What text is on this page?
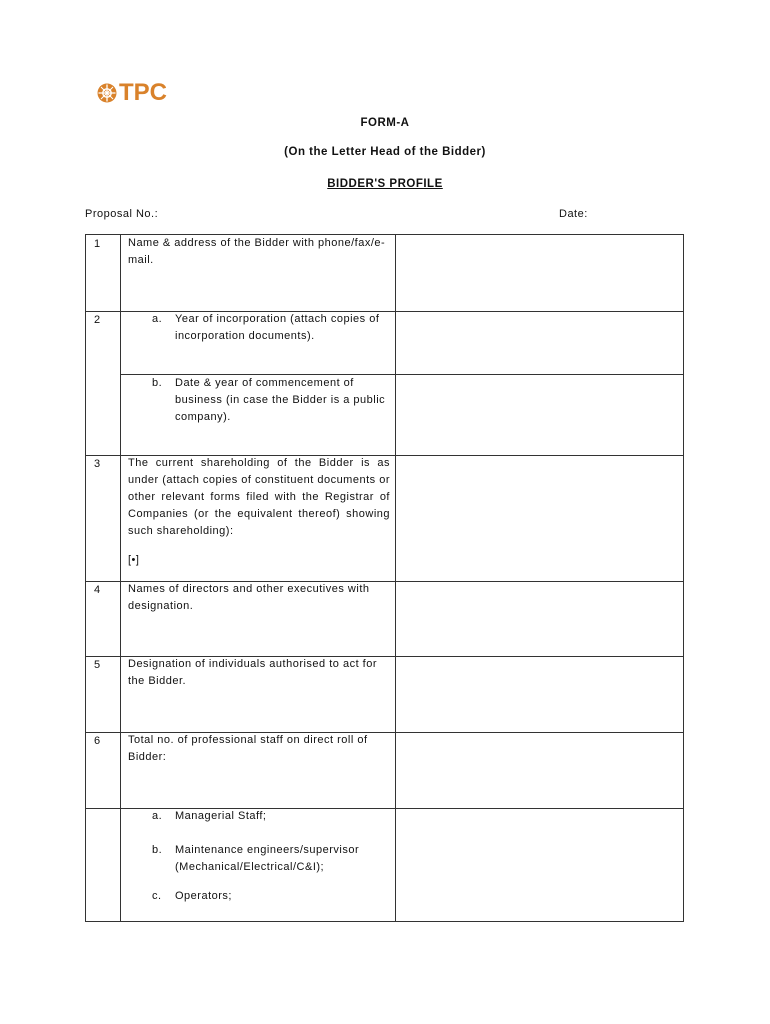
TPC
FORM-A
(On the Letter Head of the Bidder)
BIDDER'S PROFILE
Proposal No.:	Date:
1 Name & address of the Bidder with phone/fax/e-mail.
2	a. Year of incorporation (attach copies of incorporation documents).
b. Date & year of commencement of business (in case the Bidder is a public company).
3 The current shareholding of the Bidder is as under (attach copies of constituent documents or other relevant forms filed with the Registrar of Companies (or the equivalent thereof) showing such shareholding):
[•]
4 Names of directors and other executives with designation.
5 Designation of individuals authorised to act for the Bidder.
6 Total no. of professional staff on direct roll of Bidder:
a. Managerial Staff;
b. Maintenance engineers/supervisor (Mechanical/Electrical/C&I);
c. Operators;
